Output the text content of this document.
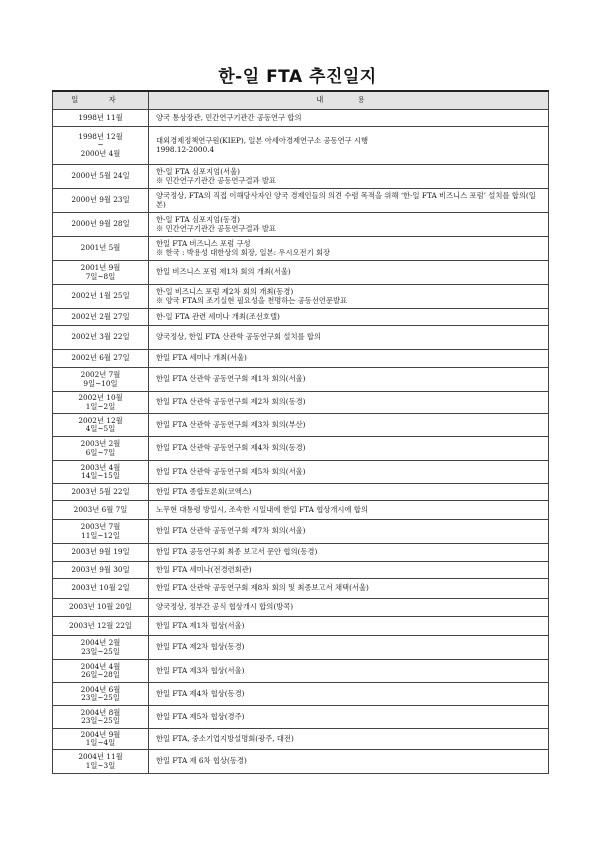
한-일 FTA 추진일지
일 자	내 용
1998년 11월	양국 통상장관, 민간연구기관간 공동연구 합의
1998년 12월
~
2000년 4월	대외경제정책연구원(KIEP), 일본 아세아경제연구소 공동연구 시행
1998.12-2000.4
2000년 5월 24일	한-일 FTA 심포지엄(서울)
※ 민간연구기관간 공동연구결과 발표
2000년 9월 23일	양국정상, FTA의 직접 이해당사자인 양국 경제인들의 의견 수렴 목적을 위해 ‘한-일 FTA 비즈니스 포럼’ 설치를 합의(일본)
2000년 9월 28일	한-일 FTA 심포지엄(동경)
※ 민간연구기관간 공동연구결과 발표
2001년 5월	한일 FTA 비즈니스 포럼 구성
※ 한국 : 박용성 대한상의 회장, 일본: 우시오전기 회장
2001년 9월
7일~8일	한일 비즈니스 포럼 제1차 회의 개최(서울)
2002년 1월 25일	한-일 비즈니스 포럼 제2차 회의 개최(동경)
※ 양국 FTA의 조기실현 필요성을 천명하는 공동선언문발표
2002년 2월 27일	한-일 FTA 관련 세미나 개최(조선호텔)
2002년 3월 22일	양국정상, 한일 FTA 산관학 공동연구회 설치를 합의
2002년 6월 27일	한일 FTA 세미나 개최(서울)
2002년 7월
9일~10일	한일 FTA 산관학 공동연구회 제1차 회의(서울)
2002년 10월
1일~2일	한일 FTA 산관학 공동연구회 제2차 회의(동경)
2002년 12월
4일~5일	한일 FTA 산관학 공동연구회 제3차 회의(부산)
2003년 2월
6일~7일	한일 FTA 산관학 공동연구회 제4차 회의(동경)
2003년 4월
14일~15일	한일 FTA 산관학 공동연구회 제5차 회의(서울)
2003년 5월 22일	한일 FTA 종합토론회(코엑스)
2003년 6월 7일	노무현 대통령 방일시, 조속한 시일내에 한일 FTA 협상개시에 합의
2003년 7월
11일~12일	한일 FTA 산관학 공동연구회 제7차 회의(서울)
2003년 9월 19일	한일 FTA 공동연구회 최종 보고서 문안 협의(동경)
2003년 9월 30일	한일 FTA 세미나(전경련회관)
2003년 10월 2일	한일 FTA 산관학 공동연구회 제8차 회의 및 최종보고서 채택(서울)
2003년 10월 20일	양국정상, 정부간 공식 협상개시 합의(방콕)
2003년 12월 22일	한일 FTA 제1차 협상(서울)
2004년 2월
23일~25일	한일 FTA 제2차 협상(동경)
2004년 4월
26일~28일	한일 FTA 제3차 협상(서울)
2004년 6월
23일~25일	한일 FTA 제4차 협상(동경)
2004년 8월
23일~25일	한일 FTA 제5차 협상(경주)
2004년 9월
1일~4일	한일 FTA, 중소기업지방설명회(광주, 대전)
2004년 11월
1일~3일	한일 FTA 제 6차 협상(동경)
